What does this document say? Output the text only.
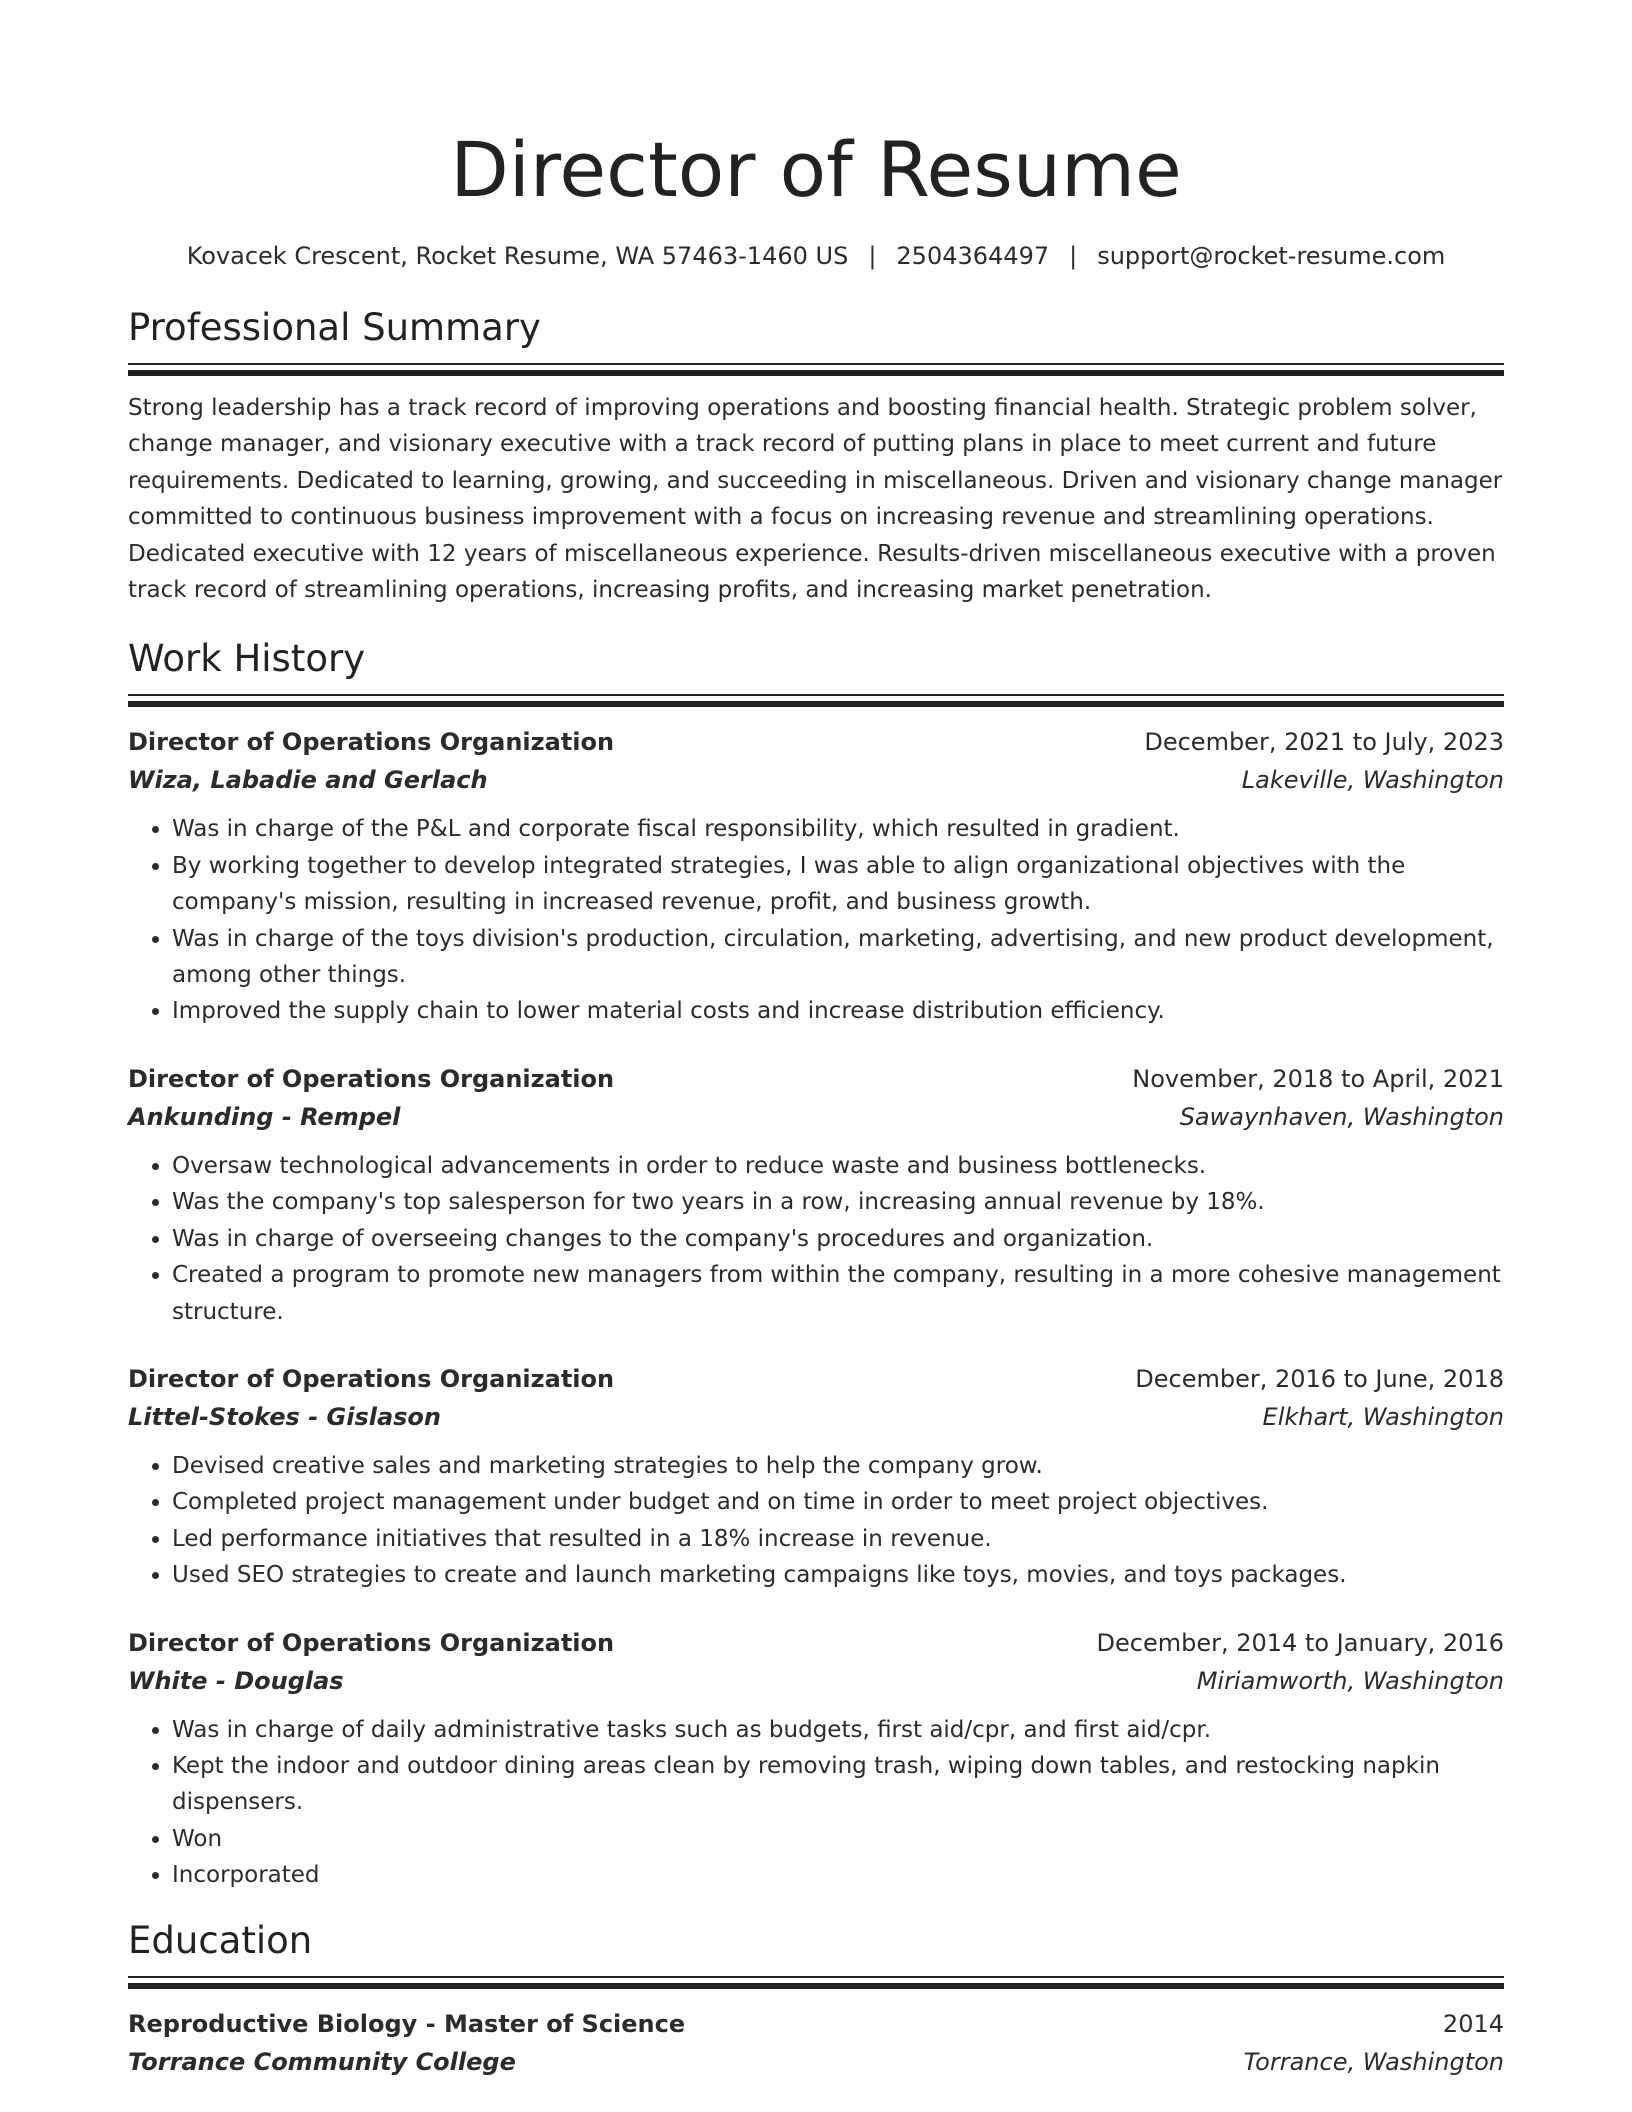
Director of Resume
Kovacek Crescent, Rocket Resume, WA 57463-1460 US | 2504364497 | support@rocket-resume.com
Professional Summary

Strong leadership has a track record of improving operations and boosting financial health. Strategic problem solver, change manager, and visionary executive with a track record of putting plans in place to meet current and future requirements. Dedicated to learning, growing, and succeeding in miscellaneous. Driven and visionary change manager committed to continuous business improvement with a focus on increasing revenue and streamlining operations. Dedicated executive with 12 years of miscellaneous experience. Results-driven miscellaneous executive with a proven track record of streamlining operations, increasing profits, and increasing market penetration.

Work History
Director of Operations Organization	December, 2021 to July, 2023
Wiza, Labadie and Gerlach	Lakeville, Washington
• Was in charge of the P&L and corporate fiscal responsibility, which resulted in gradient.
• By working together to develop integrated strategies, I was able to align organizational objectives with the company's mission, resulting in increased revenue, profit, and business growth.
• Was in charge of the toys division's production, circulation, marketing, advertising, and new product development, among other things.
• Improved the supply chain to lower material costs and increase distribution efficiency.
Director of Operations Organization	November, 2018 to April, 2021
Ankunding - Rempel	Sawaynhaven, Washington
• Oversaw technological advancements in order to reduce waste and business bottlenecks.
• Was the company's top salesperson for two years in a row, increasing annual revenue by 18%.
• Was in charge of overseeing changes to the company's procedures and organization.
• Created a program to promote new managers from within the company, resulting in a more cohesive management structure.
Director of Operations Organization	December, 2016 to June, 2018
Littel-Stokes - Gislason	Elkhart, Washington
• Devised creative sales and marketing strategies to help the company grow.
• Completed project management under budget and on time in order to meet project objectives.
• Led performance initiatives that resulted in a 18% increase in revenue.
• Used SEO strategies to create and launch marketing campaigns like toys, movies, and toys packages.
Director of Operations Organization	December, 2014 to January, 2016
White - Douglas	Miriamworth, Washington
• Was in charge of daily administrative tasks such as budgets, first aid/cpr, and first aid/cpr.
• Kept the indoor and outdoor dining areas clean by removing trash, wiping down tables, and restocking napkin dispensers.
• Won
• Incorporated
Education
Reproductive Biology - Master of Science	2014
Torrance Community College	Torrance, Washington
